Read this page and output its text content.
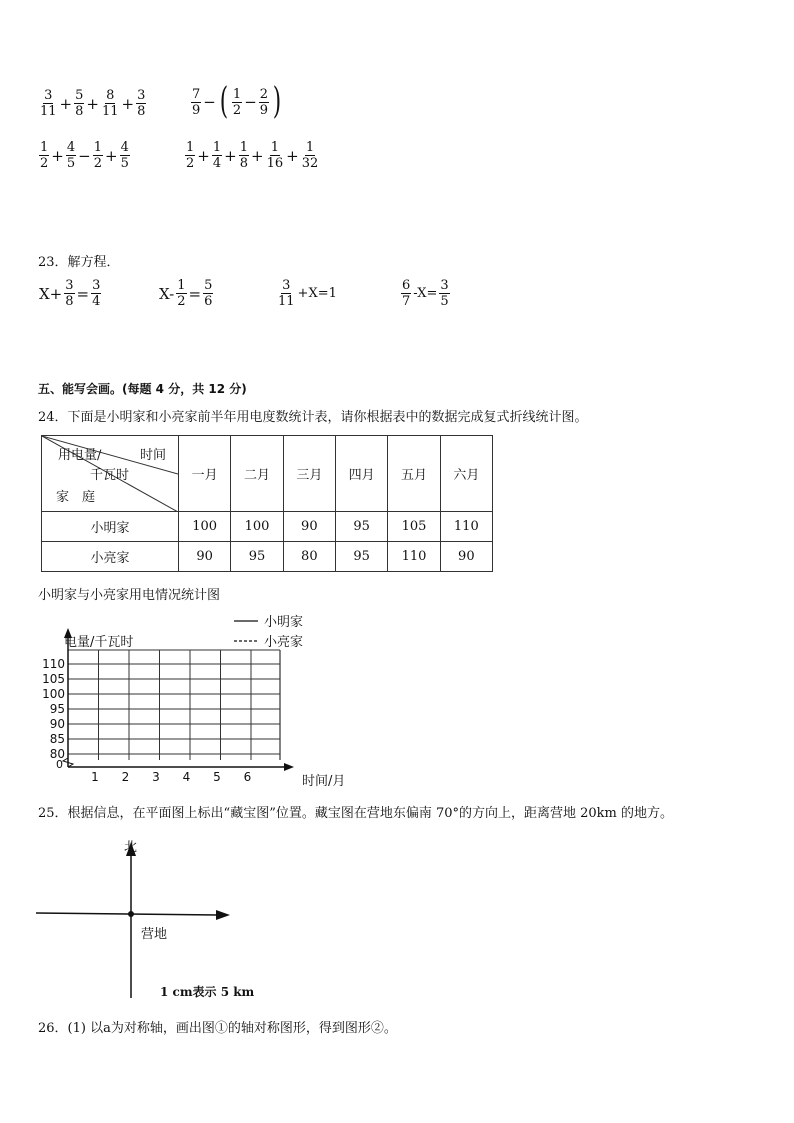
$\frac{3}{11} + \frac{5}{8} + \frac{8}{11} + \frac{3}{8}$	$\frac{7}{9}$ − ( $\frac{1}{2} - \frac{2}{9}$ )
$\frac{1}{2} + \frac{4}{5} - \frac{1}{2} + \frac{4}{5}$	$\frac{1}{2} + \frac{1}{4} + \frac{1}{8} + \frac{1}{16} + \frac{1}{32}$
23．解方程．
$X+ \frac{3}{8} = \frac{3}{4}$	$X- \frac{1}{2} = \frac{5}{6}$	$\frac{3}{11} +X=1$	$\frac{6}{7} -X= \frac{3}{5}$
五、能写会画。(每题 4 分，共 12 分)
24．下面是小明家和小亮家前半年用电度数统计表，请你根据表中的数据完成复式折线统计图。
用电量/ 时间
千瓦时
家　庭	一月	二月	三月	四月	五月	六月
小明家	100	100	90	95	105	110
小亮家	90	95	80	95	110	90
小明家与小亮家用电情况统计图
80
85
90
95
100
105
110
0
1 2 3 4 5 6
电量/千瓦时
时间/月
小明家
小亮家
25．根据信息，在平面图上标出“藏宝图”位置。藏宝图在营地东偏南 70°的方向上，距离营地 20km 的地方。
北
营地
1 cm表示 5 km
26．(1) 以a为对称轴，画出图①的轴对称图形，得到图形②。
